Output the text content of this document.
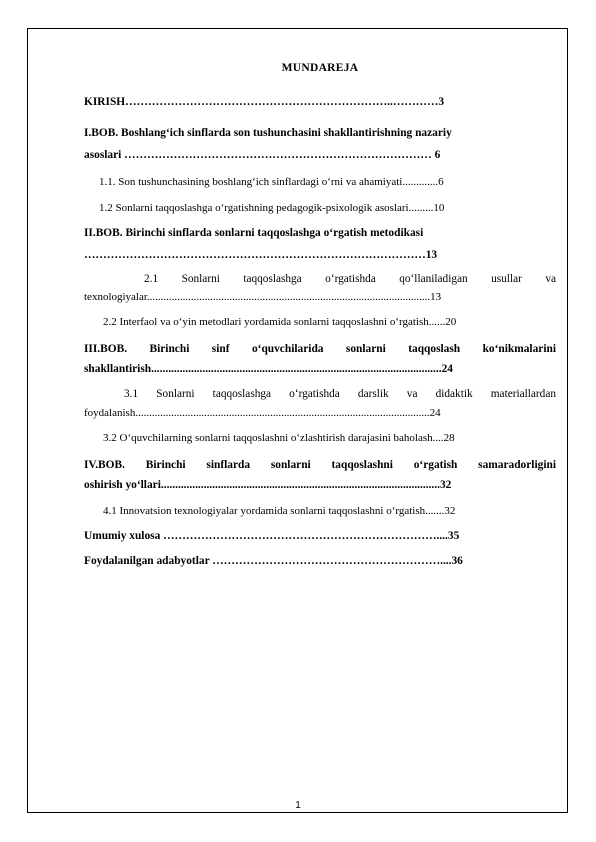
MUNDAREJA
KIRISH……………………………………………………………..…………3
I.BOB. Boshlang‘ich sinflarda son tushunchasini shakllantirishning nazariy
asoslari ……………………………………………………………………… 6
1.1. Son tushunchasining boshlang‘ich sinflardagi o‘rni va ahamiyati.............6
1.2 Sonlarni taqqoslashga o‘rgatishning pedagogik-psixologik asoslari.........10
II.BOB. Birinchi sinflarda sonlarni taqqoslashga o‘rgatish metodikasi
………………………………………………………………………………13
2.1 Sonlarni taqqoslashga o‘rgatishda qo‘llaniladigan usullar va
texnologiyalar.......................................................................................................13
2.2 Interfaol va o‘yin metodlari yordamida sonlarni taqqoslashni o‘rgatish......20
III.BOB. Birinchi sinf o‘quvchilarida sonlarni taqqoslash ko‘nikmalarini
shakllantirish......................................................................................................24
3.1 Sonlarni taqqoslashga o‘rgatishda darslik va didaktik materiallardan
foydalanish...........................................................................................................24
3.2 O‘quvchilarning sonlarni taqqoslashni o‘zlashtirish darajasini baholash....28
IV.BOB. Birinchi sinflarda sonlarni taqqoslashni o‘rgatish samaradorligini
oshirish yo‘llari..................................................................................................32
4.1 Innovatsion texnologiyalar yordamida sonlarni taqqoslashni o‘rgatish.......32
Umumiy xulosa ………………………………………………………………....35
Foydalanilgan adabyotlar ……………………………………………………....36
1
